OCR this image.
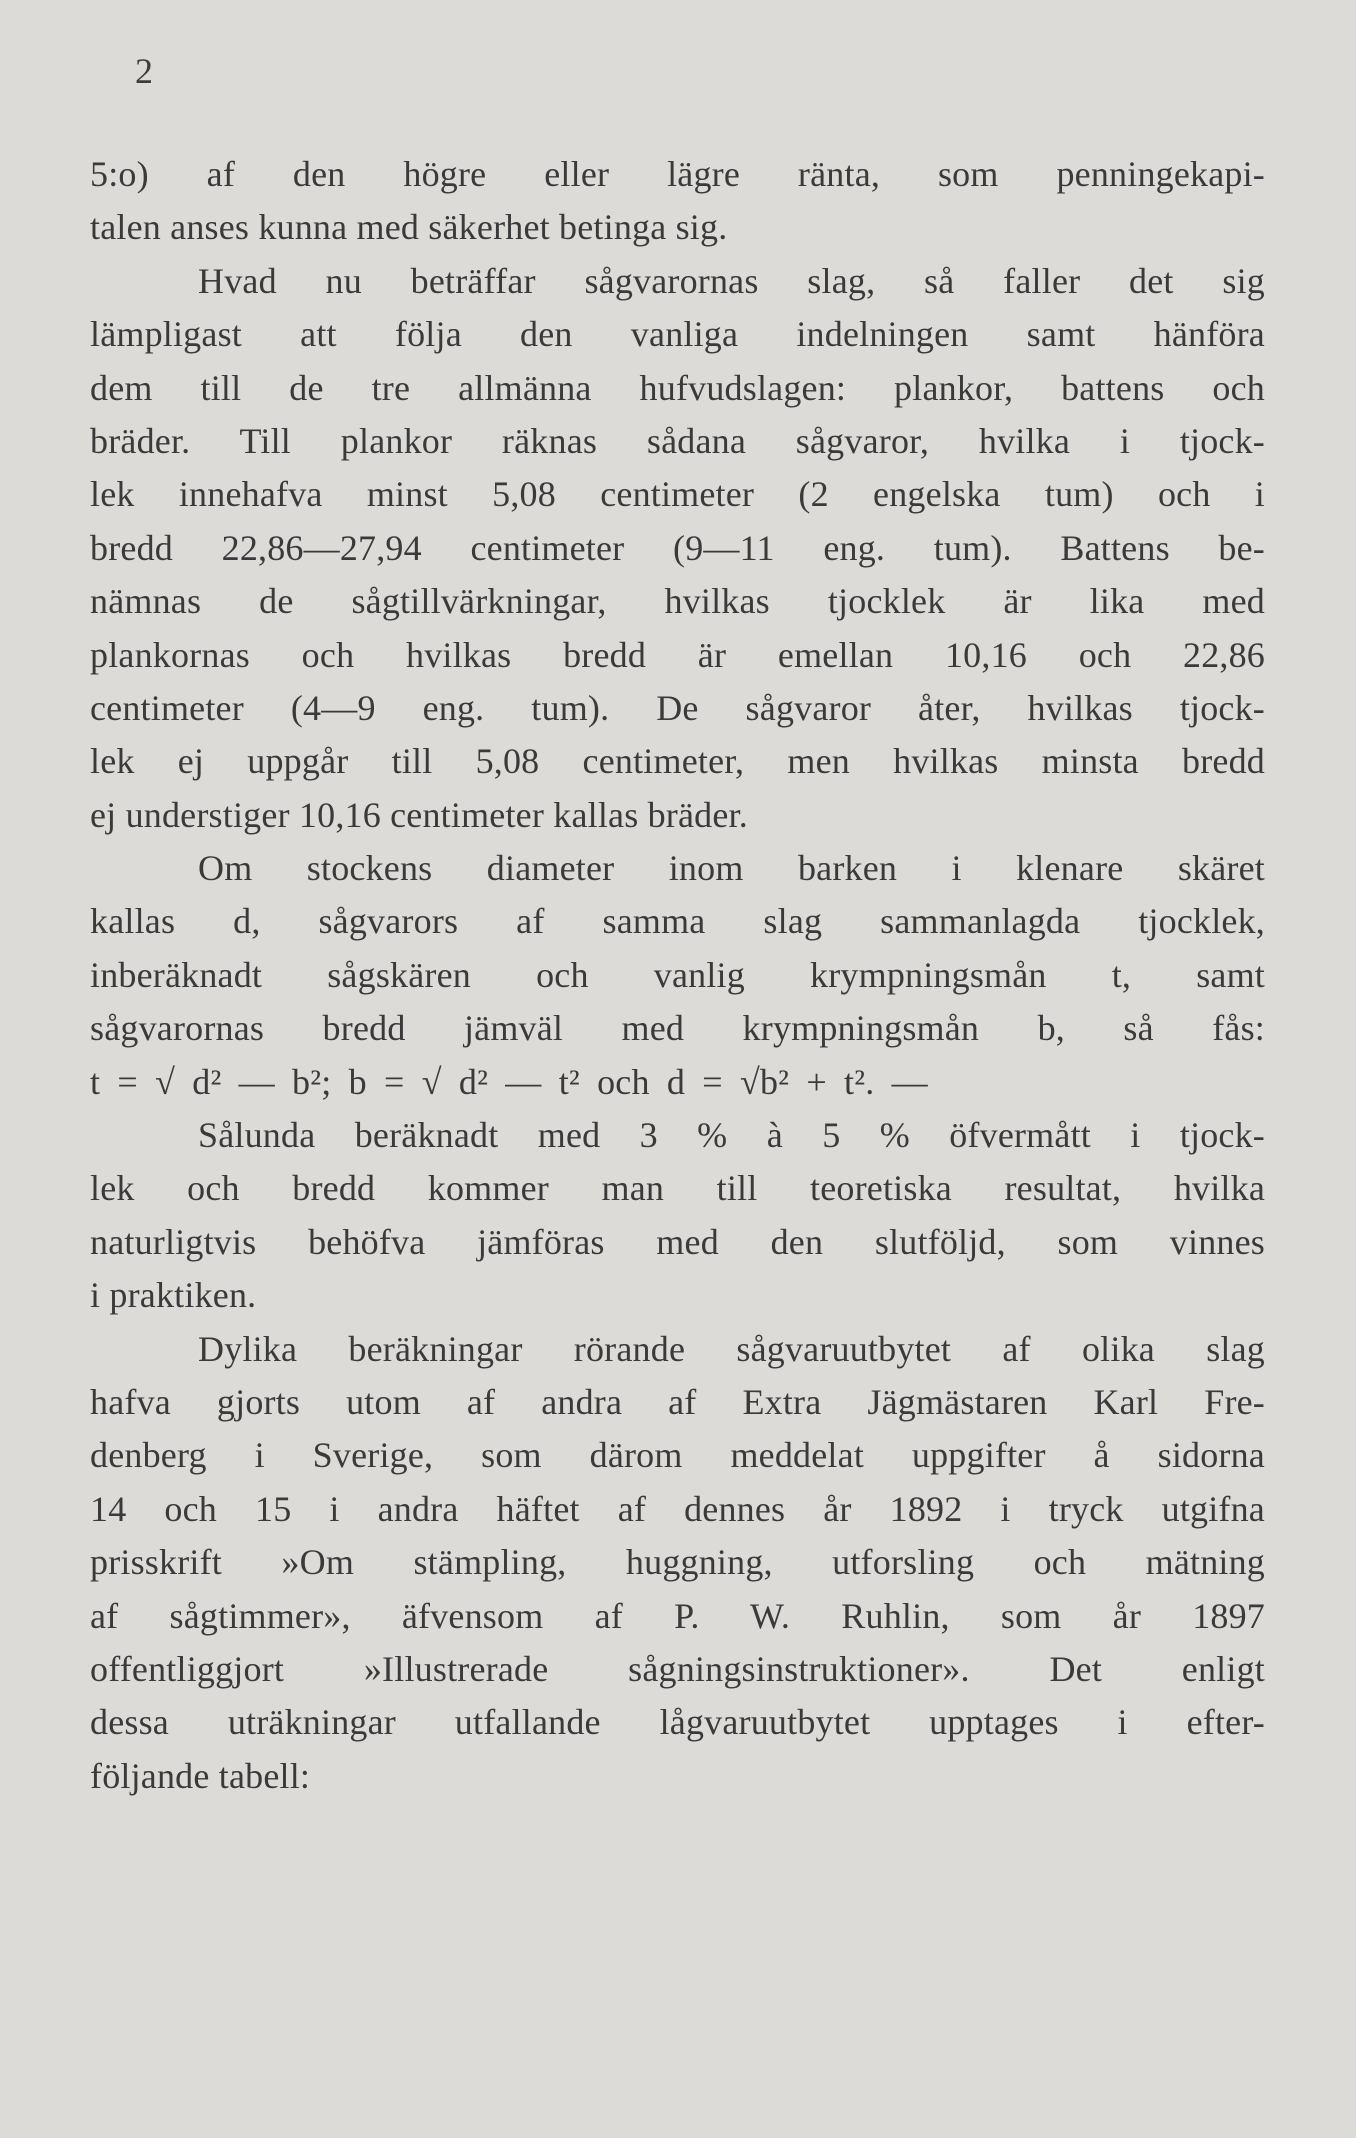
2
5:o) af den högre eller lägre ränta, som penningekapi-
talen anses kunna med säkerhet betinga sig.
Hvad nu beträffar sågvarornas slag, så faller det sig
lämpligast att följa den vanliga indelningen samt hänföra
dem till de tre allmänna hufvudslagen: plankor, battens och
bräder. Till plankor räknas sådana sågvaror, hvilka i tjock-
lek innehafva minst 5,08 centimeter (2 engelska tum) och i
bredd 22,86—27,94 centimeter (9—11 eng. tum). Battens be-
nämnas de sågtillvärkningar, hvilkas tjocklek är lika med
plankornas och hvilkas bredd är emellan 10,16 och 22,86
centimeter (4—9 eng. tum). De sågvaror åter, hvilkas tjock-
lek ej uppgår till 5,08 centimeter, men hvilkas minsta bredd
ej understiger 10,16 centimeter kallas bräder.
Om stockens diameter inom barken i klenare skäret
kallas d, sågvarors af samma slag sammanlagda tjocklek,
inberäknadt sågskären och vanlig krympningsmån t, samt
sågvarornas bredd jämväl med krympningsmån b, så fås:
t = √ d² — b²; b = √ d² — t² och d = √b² + t². —
Sålunda beräknadt med 3 % à 5 % öfvermått i tjock-
lek och bredd kommer man till teoretiska resultat, hvilka
naturligtvis behöfva jämföras med den slutföljd, som vinnes
i praktiken.
Dylika beräkningar rörande sågvaruutbytet af olika slag
hafva gjorts utom af andra af Extra Jägmästaren Karl Fre-
denberg i Sverige, som därom meddelat uppgifter å sidorna
14 och 15 i andra häftet af dennes år 1892 i tryck utgifna
prisskrift »Om stämpling, huggning, utforsling och mätning
af sågtimmer», äfvensom af P. W. Ruhlin, som år 1897
offentliggjort »Illustrerade sågningsinstruktioner». Det enligt
dessa uträkningar utfallande lågvaruutbytet upptages i efter-
följande tabell:
